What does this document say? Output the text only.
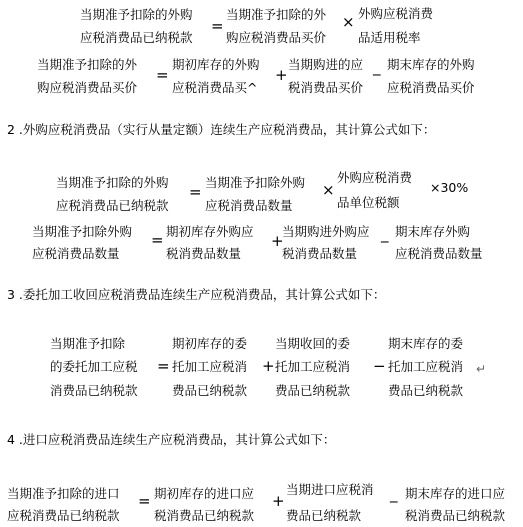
当期准予扣除的外购
应税消费品已纳税款
=
当期准予扣除的外
购应税消费品买价
× 外购应税消费
品适用税率
当期准予扣除的外
购应税消费品买价
=
期初库存的外购
应税消费品买^
+
当期购进的应
税消费品买价
_ 期末库存的外购
应税消费品买价
2 .外购应税消费品（实行从量定额）连续生产应税消费品，其计算公式如下：
当期准予扣除的外购
应税消费品已纳税款
=
当期准予扣除外购
应税消费品数量
×
外购应税消费
品单位税额
×30%
当期准予扣除外购
应税消费品数量
= 期初库存外购应
税消费品数量
+
当期购进外购应
税消费品数量
_ 期末库存外购
应税消费品数量
3 .委托加工收回应税消费品连续生产应税消费品，其计算公式如下：
当期准予扣除
的委托加工应税
消费品已纳税款
=
期初库存的委
托加工应税消
费品已纳税款
+
当期收回的委
托加工应税消
费品已纳税款
−
期末库存的委
托加工应税消
费品已纳税款
↵
4 .进口应税消费品连续生产应税消费品，其计算公式如下：
当期准予扣除的进口
应税消费品已纳税款
= 期初库存的进口应
税消费品已纳税款
+
当期进口应税消
费品已纳税款
_ 期末库存的进口应
税消费品已纳税款
